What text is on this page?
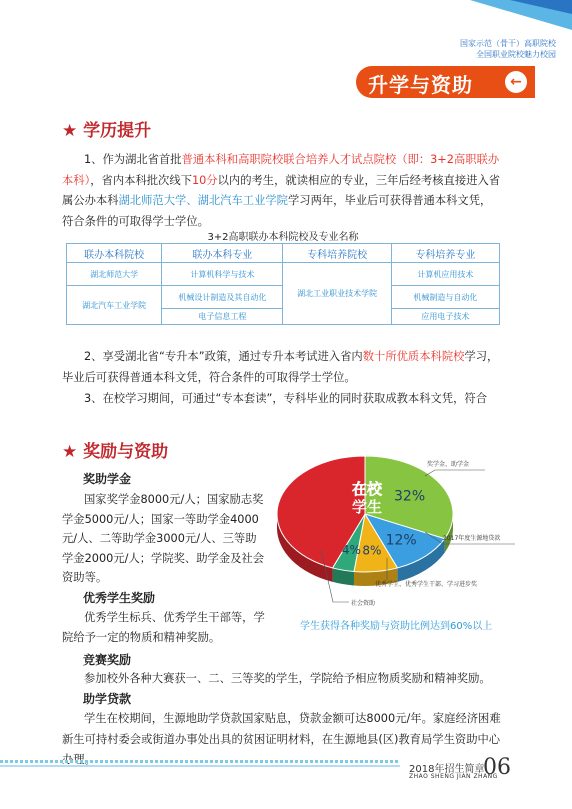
国家示范（骨干）高职院校
全国职业院校魅力校园
升学与资助	←
★ 学历提升
1、作为湖北省首批普通本科和高职院校联合培养人才试点院校（即：3+2高职联办本科），省内本科批次线下10分以内的考生，就读相应的专业，三年后经考核直接进入省属公办本科湖北师范大学、湖北汽车工业学院学习两年，毕业后可获得普通本科文凭，符合条件的可取得学士学位。
3+2高职联办本科院校及专业名称
联办本科院校	联办本科专业	专科培养院校	专科培养专业
湖北师范大学	计算机科学与技术	湖北工业职业技术学院	计算机应用技术
湖北汽车工业学院	机械设计制造及其自动化		机械制造与自动化
	电子信息工程		应用电子技术
2、享受湖北省“专升本”政策，通过专升本考试进入省内数十所优质本科院校学习，毕业后可获得普通本科文凭，符合条件的可取得学士学位。
3、在校学习期间，可通过“专本套读”，专科毕业的同时获取成教本科文凭，符合
★ 奖励与资助
奖助学金
国家奖学金8000元/人；国家励志奖学金5000元/人；国家一等助学金4000元/人、二等助学金3000元/人、三等助学金2000元/人；学院奖、助学金及社会资助等。
优秀学生奖励
优秀学生标兵、优秀学生干部等，学院给予一定的物质和精神奖励。
竞赛奖励
参加校外各种大赛获一、二、三等奖的学生，学院给予相应物质奖励和精神奖励。
助学贷款
学生在校期间，生源地助学贷款国家贴息，贷款金额可达8000元/年。家庭经济困难新生可持村委会或街道办事处出具的贫困证明材料，在生源地县(区)教育局学生资助中心
32%
12%
8%
4%
在校
学生
奖学金、助学金
2017年度生源地贷款
优秀学生、优秀学生干部、学习进步奖
社会资助
学生获得各种奖励与资助比例达到60%以上
2018年招生简章
ZHAO SHENG JIAN ZHANG
06
